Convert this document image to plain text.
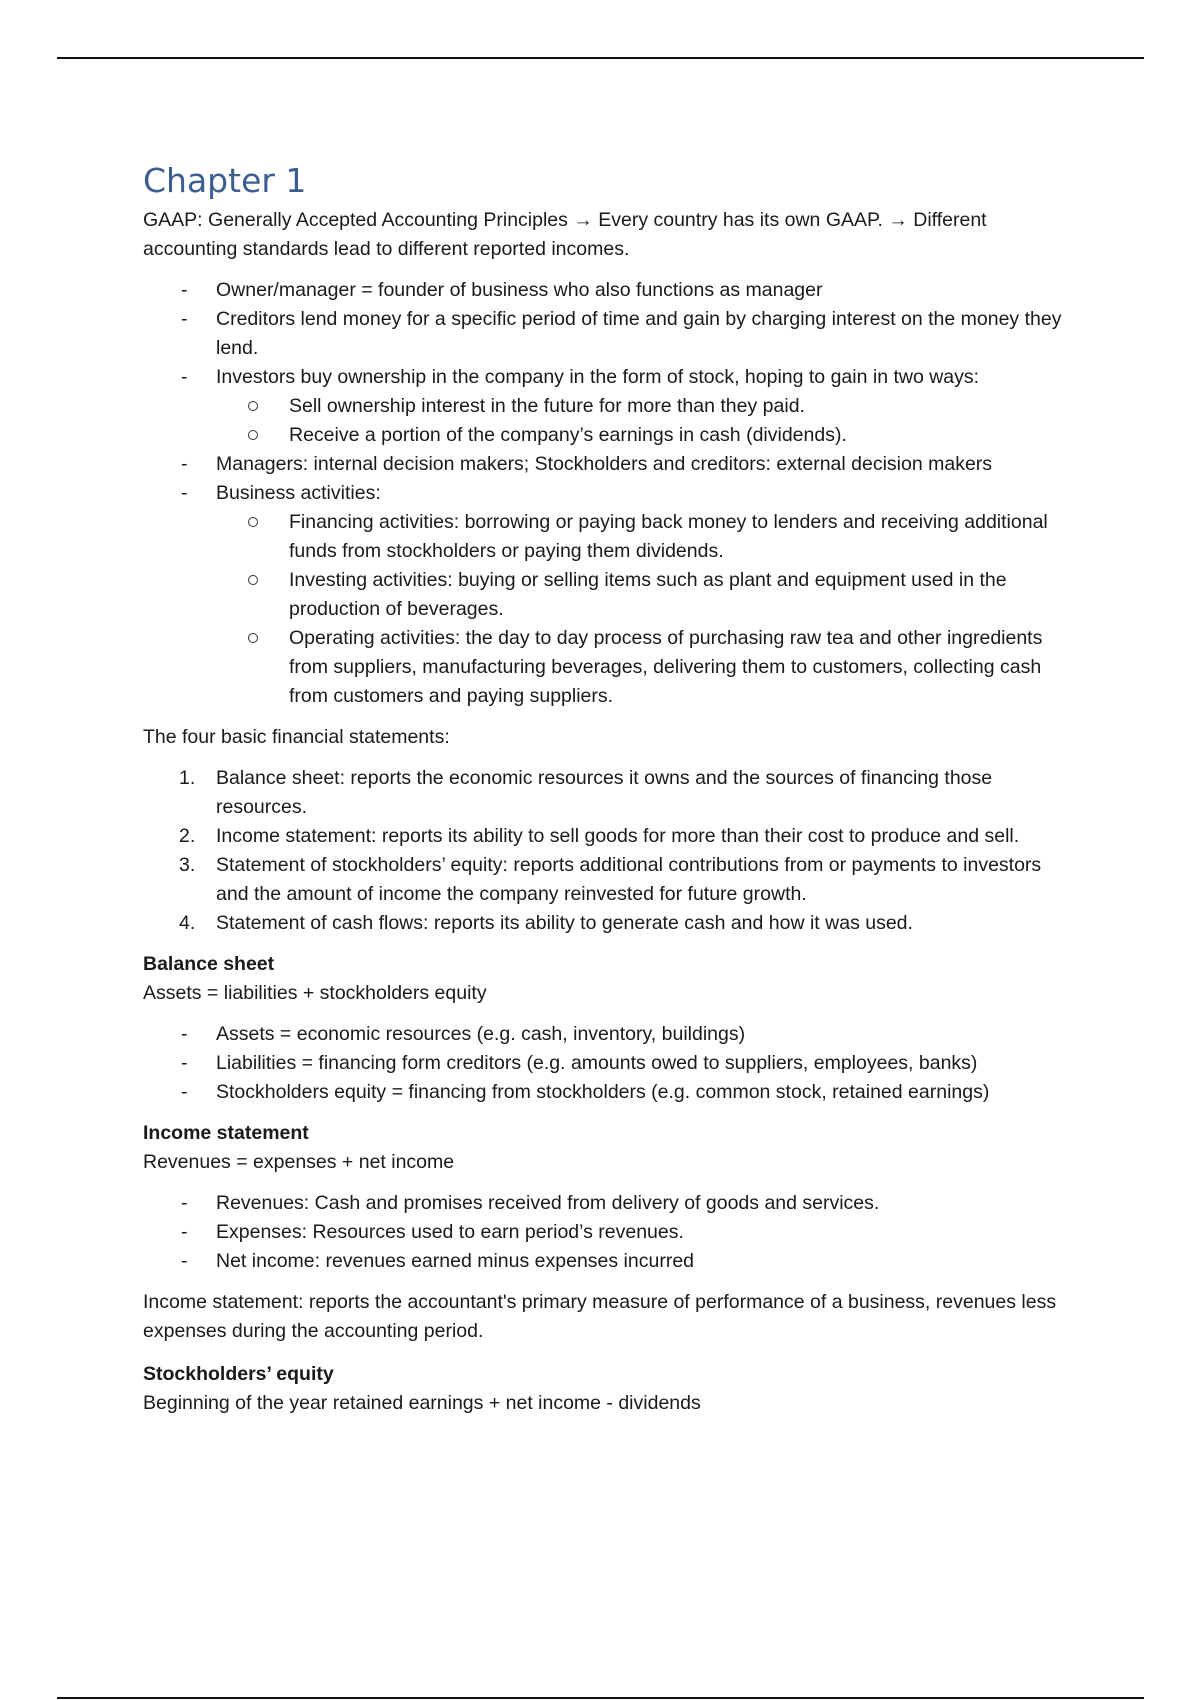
Chapter 1

GAAP: Generally Accepted Accounting Principles → Every country has its own GAAP. → Different accounting standards lead to different reported incomes.

- Owner/manager = founder of business who also functions as manager
- Creditors lend money for a specific period of time and gain by charging interest on the money they lend.
- Investors buy ownership in the company in the form of stock, hoping to gain in two ways:
Sell ownership interest in the future for more than they paid.
Receive a portion of the company’s earnings in cash (dividends).
- Managers: internal decision makers; Stockholders and creditors: external decision makers
- Business activities:
Financing activities: borrowing or paying back money to lenders and receiving additional funds from stockholders or paying them dividends.
Investing activities: buying or selling items such as plant and equipment used in the production of beverages.
Operating activities: the day to day process of purchasing raw tea and other ingredients from suppliers, manufacturing beverages, delivering them to customers, collecting cash from customers and paying suppliers.

The four basic financial statements:

1. Balance sheet: reports the economic resources it owns and the sources of financing those resources.
2. Income statement: reports its ability to sell goods for more than their cost to produce and sell.
3. Statement of stockholders’ equity: reports additional contributions from or payments to investors and the amount of income the company reinvested for future growth.
4. Statement of cash flows: reports its ability to generate cash and how it was used.

Balance sheet

Assets = liabilities + stockholders equity

- Assets = economic resources (e.g. cash, inventory, buildings)
- Liabilities = financing form creditors (e.g. amounts owed to suppliers, employees, banks)
- Stockholders equity = financing from stockholders (e.g. common stock, retained earnings)

Income statement

Revenues = expenses + net income

- Revenues: Cash and promises received from delivery of goods and services.
- Expenses: Resources used to earn period’s revenues.
- Net income: revenues earned minus expenses incurred

Income statement: reports the accountant's primary measure of performance of a business, revenues less expenses during the accounting period.

Stockholders’ equity

Beginning of the year retained earnings + net income - dividends
